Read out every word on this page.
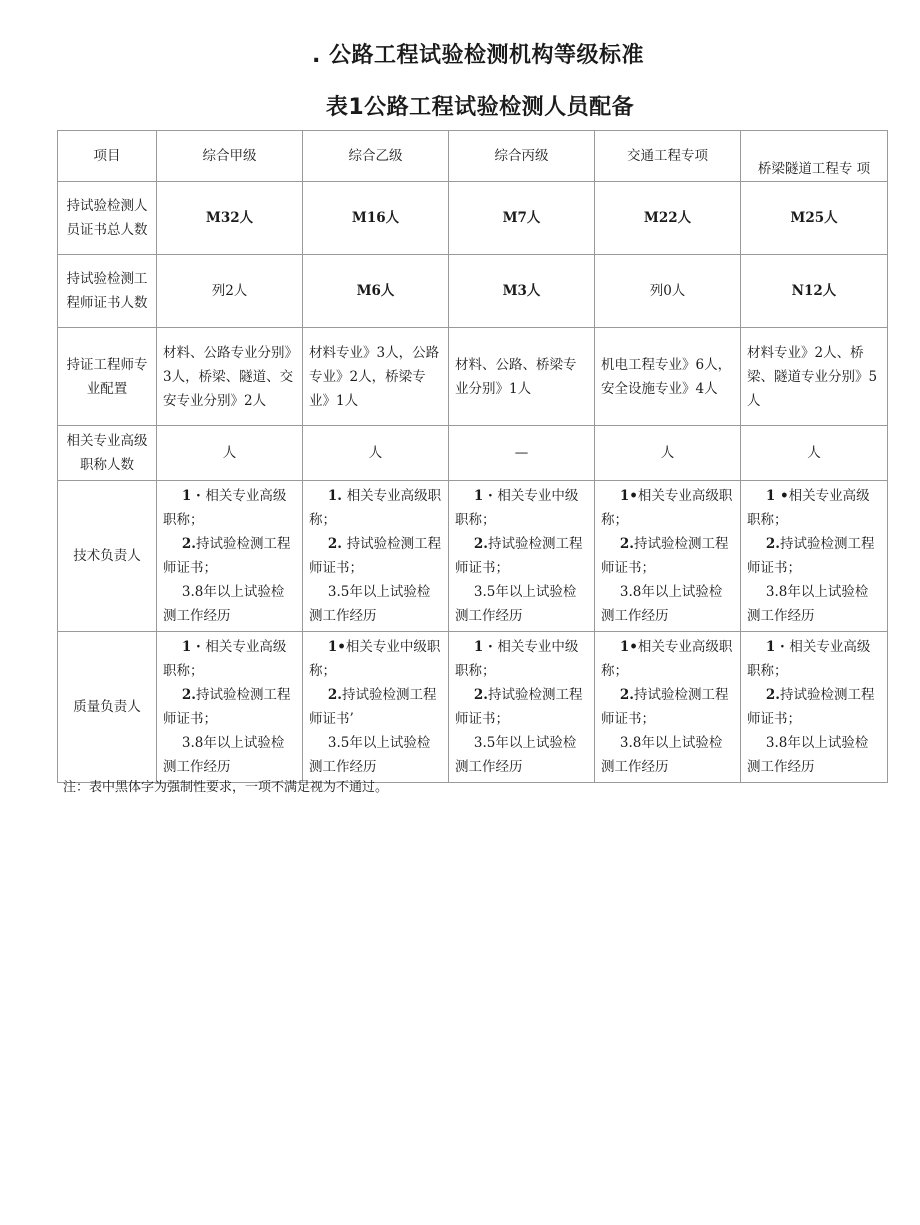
. 公路工程试验检测机构等级标准
表1公路工程试验检测人员配备
项目	综合甲级	综合乙级	综合丙级	交通工程专项	桥梁隧道工程专 项
持试验检测人员证书总人数	M32人	M16人	M7人	M22人	M25人
持试验检测工程师证书人数	列2人	M6人	M3人	列0人	N12人
持证工程师专业配置	材料、公路专业分别》3人，桥梁、隧道、交安专业分别》2人	材料专业》3人，公路专业》2人，桥梁专业》1人	材料、公路、桥梁专业分别》1人	机电工程专业》6人，安全设施专业》4人	材料专业》2人、桥梁、隧道专业分别》5人
相关专业高级职称人数	人	人	—	人	人
技术负责人	1 · 相关专业高级职称；
2.持试验检测工程师证书；
3.8年以上试验检测工作经历	1. 相关专业高级职称；
2. 持试验检测工程师证书；
3.5年以上试验检测工作经历	1 · 相关专业中级职称；
2.持试验检测工程师证书；
3.5年以上试验检测工作经历	1•相关专业高级职称；
2.持试验检测工程师证书；
3.8年以上试验检测工作经历	1 •相关专业高级职称；
2.持试验检测工程师证书；
3.8年以上试验检测工作经历

质量负责人	1 · 相关专业高级职称；
2.持试验检测工程师证书；
3.8年以上试验检测工作经历	1•相关专业中级职称；
2.持试验检测工程师证书’
3.5年以上试验检测工作经历	1 · 相关专业中级职称；
2.持试验检测工程师证书；
3.5年以上试验检测工作经历	1•相关专业高级职称；
2.持试验检测工程师证书；
3.8年以上试验检测工作经历	1 · 相关专业高级职称；
2.持试验检测工程师证书；
3.8年以上试验检测工作经历
注：表中黑体字为强制性要求，一项不满足视为不通过。
